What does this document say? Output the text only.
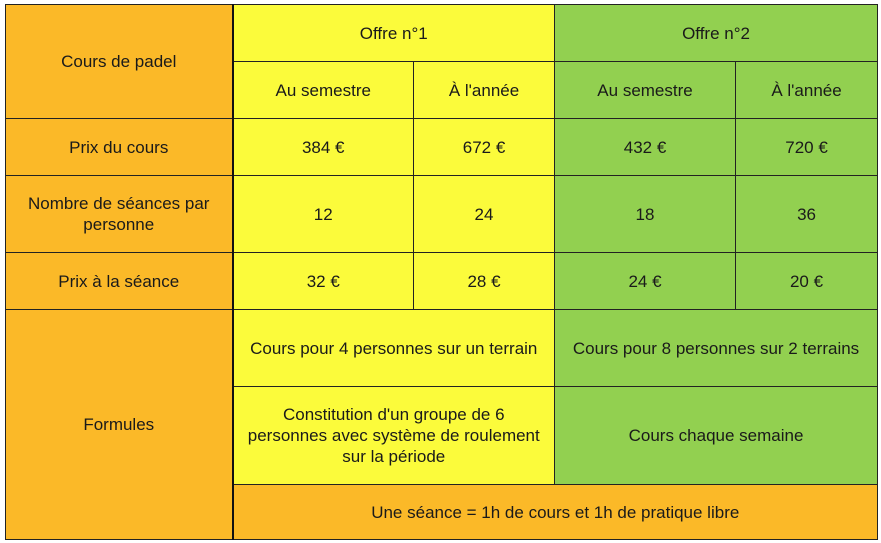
Cours de padel	Offre n°1		Offre n°2	
	Au semestre	À l'année	Au semestre	À l'année
Prix du cours	384 €	672 €	432 €	720 €
Nombre de séances par personne	12	24	18	36
Prix à la séance	32 €	28 €	24 €	20 €
Formules	Cours pour 4 personnes sur un terrain		Cours pour 8 personnes sur 2 terrains	
	Constitution d'un groupe de 6 personnes avec système de roulement sur la période		Cours chaque semaine	
	Une séance = 1h de cours et 1h de pratique libre			
